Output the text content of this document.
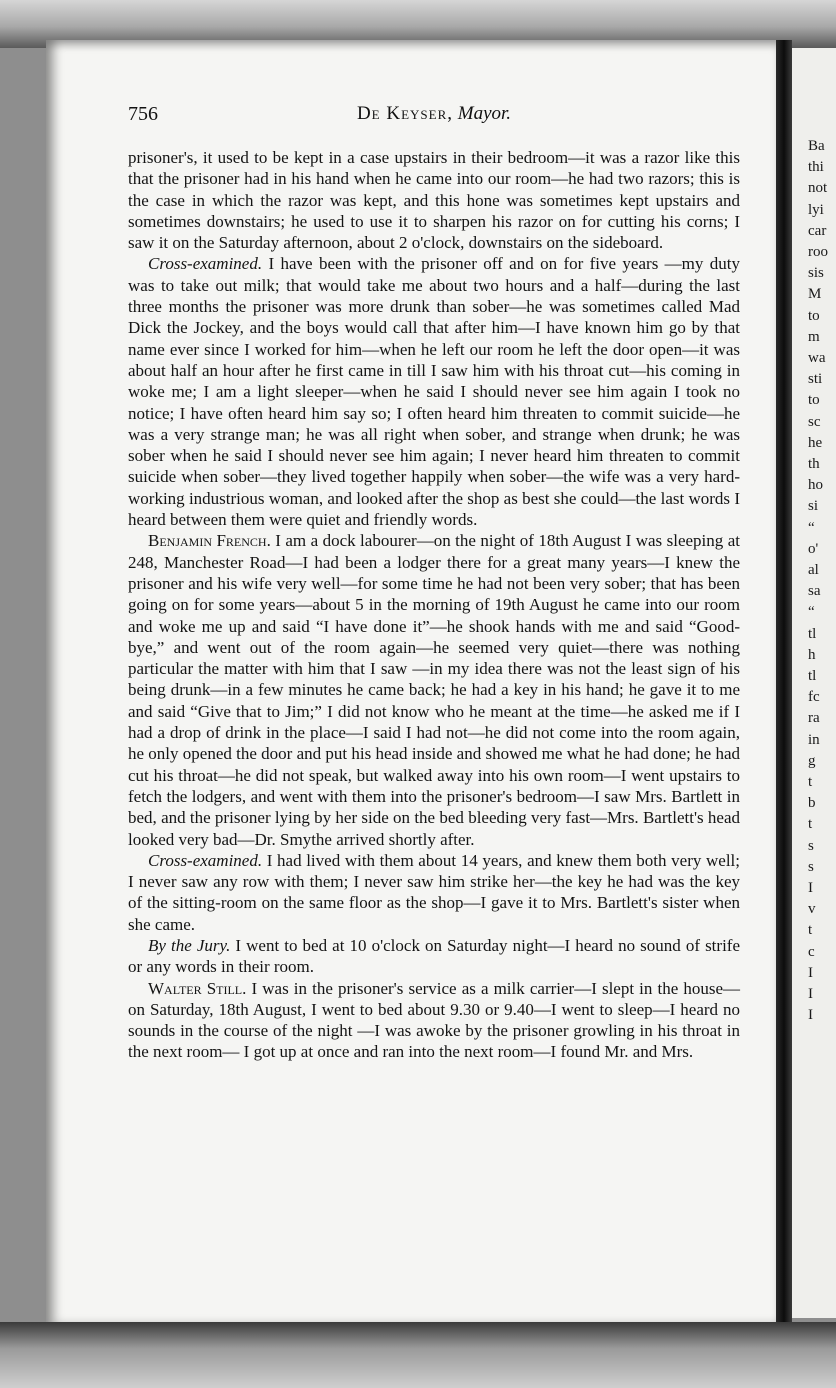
Ba
thi
not
lyi
car
roo
sis
M
to
m
wa
sti
to
sc
he
th
ho
si
“
o'
al
sa
“
tl
h
tl
fc
ra
in
g
t
b
t
s
s
I
v
t
c
I
I
I
756	De Keyser, Mayor.

prisoner's, it used to be kept in a case upstairs in their bedroom—it was a razor like this that the prisoner had in his hand when he came into our room—he had two razors; this is the case in which the razor was kept, and this hone was sometimes kept upstairs and sometimes downstairs; he used to use it to sharpen his razor on for cutting his corns; I saw it on the Saturday afternoon, about 2 o'clock, downstairs on the sideboard.

Cross-examined. I have been with the prisoner off and on for five years —my duty was to take out milk; that would take me about two hours and a half—during the last three months the prisoner was more drunk than sober—he was sometimes called Mad Dick the Jockey, and the boys would call that after him—I have known him go by that name ever since I worked for him—when he left our room he left the door open—it was about half an hour after he first came in till I saw him with his throat cut—his coming in woke me; I am a light sleeper—when he said I should never see him again I took no notice; I have often heard him say so; I often heard him threaten to commit suicide—he was a very strange man; he was all right when sober, and strange when drunk; he was sober when he said I should never see him again; I never heard him threaten to commit suicide when sober—they lived together happily when sober—the wife was a very hard-working industrious woman, and looked after the shop as best she could—the last words I heard between them were quiet and friendly words.

Benjamin French. I am a dock labourer—on the night of 18th August I was sleeping at 248, Manchester Road—I had been a lodger there for a great many years—I knew the prisoner and his wife very well—for some time he had not been very sober; that has been going on for some years—about 5 in the morning of 19th August he came into our room and woke me up and said “I have done it”—he shook hands with me and said “Good-bye,” and went out of the room again—he seemed very quiet—there was nothing particular the matter with him that I saw —in my idea there was not the least sign of his being drunk—in a few minutes he came back; he had a key in his hand; he gave it to me and said “Give that to Jim;” I did not know who he meant at the time—he asked me if I had a drop of drink in the place—I said I had not—he did not come into the room again, he only opened the door and put his head inside and showed me what he had done; he had cut his throat—he did not speak, but walked away into his own room—I went upstairs to fetch the lodgers, and went with them into the prisoner's bedroom—I saw Mrs. Bartlett in bed, and the prisoner lying by her side on the bed bleeding very fast—Mrs. Bartlett's head looked very bad—Dr. Smythe arrived shortly after.

Cross-examined. I had lived with them about 14 years, and knew them both very well; I never saw any row with them; I never saw him strike her—the key he had was the key of the sitting-room on the same floor as the shop—I gave it to Mrs. Bartlett's sister when she came.

By the Jury. I went to bed at 10 o'clock on Saturday night—I heard no sound of strife or any words in their room.

Walter Still. I was in the prisoner's service as a milk carrier—I slept in the house—on Saturday, 18th August, I went to bed about 9.30 or 9.40—I went to sleep—I heard no sounds in the course of the night —I was awoke by the prisoner growling in his throat in the next room— I got up at once and ran into the next room—I found Mr. and Mrs.
